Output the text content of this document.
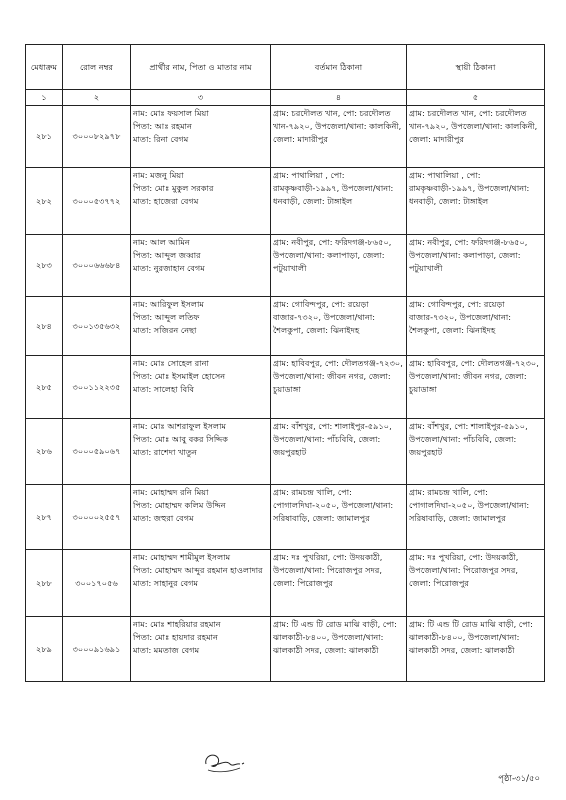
মেধাক্রম	রোল নম্বর	প্রার্থীর নাম, পিতা ও মাতার নাম	বর্তমান ঠিকানা	স্থায়ী ঠিকানা
১	২	৩	৪	৫
২৮১	৩০০০৮২৯৭৮	নাম: মোঃ ফয়সাল মিয়া
পিতা: আঃ রহমান
মাতা: রিনা বেগম	গ্রাম: চরদৌলত খান, পো: চরদৌলত খান-৭৯২০, উপজেলা/থানা: কালকিনী, জেলা: মাদারীপুর	গ্রাম: চরদৌলত খান, পো: চরদৌলত খান-৭৯২০, উপজেলা/থানা: কালকিনী, জেলা: মাদারীপুর

২৮২	৩০০০৫৩৭৭২	নাম: মজনু মিয়া
পিতা: মোঃ মুকুল সরকার
মাতা: হাজেরা বেগম	গ্রাম: পাথালিয়া , পো: রামকৃষ্ণবাড়ী-১৯৯৭, উপজেলা/থানা: ধনবাড়ী, জেলা: টাঙ্গাইল	গ্রাম: পাথালিয়া , পো: রামকৃষ্ণবাড়ী-১৯৯৭, উপজেলা/থানা: ধনবাড়ী, জেলা: টাঙ্গাইল

২৮৩	৩০০০৬৬৬৮৪	নাম: আল আমিন
পিতা: আব্দুল জব্বার
মাতা: নুরজাহান বেগম	গ্রাম: নবীপুর, পো: ফরিদগঞ্জ-৮৬৫০, উপজেলা/থানা: কলাপাড়া, জেলা: পটুয়াখালী	গ্রাম: নবীপুর, পো: ফরিদগঞ্জ-৮৬৫০, উপজেলা/থানা: কলাপাড়া, জেলা: পটুয়াখালী

২৮৪	৩০০১৩৫৬৩২	নাম: আরিফুল ইসলাম
পিতা: আব্দুল লতিফ
মাতা: সজিরন নেছা	গ্রাম: গোবিন্দপুর, পো: রয়েড়া বাজার-৭৩২০, উপজেলা/থানা: শৈলকুপা, জেলা: ঝিনাইদহ	গ্রাম: গোবিন্দপুর, পো: রয়েড়া বাজার-৭৩২০, উপজেলা/থানা: শৈলকুপা, জেলা: ঝিনাইদহ

২৮৫	৩০০১১২২৩৫	নাম: মোঃ সোহেল রানা
পিতা: মোঃ ইসমাইল হোসেন
মাতা: সালেহা বিবি	গ্রাম: হাবিবপুর, পো: দৌলতগঞ্জ-৭২৩০, উপজেলা/থানা: জীবন নগর, জেলা: চুয়াডাঙ্গা	গ্রাম: হাবিবপুর, পো: দৌলতগঞ্জ-৭২৩০, উপজেলা/থানা: জীবন নগর, জেলা: চুয়াডাঙ্গা

২৮৬	৩০০০৫৯০৬৭	নাম: মোঃ আশরাফুল ইসলাম
পিতা: মোঃ আবু বকর সিদ্দিক
মাতা: রাশেদা খাতুন	গ্রাম: বাঁশখুর, পো: শালাইপুর-৫৯১০, উপজেলা/থানা: পাঁচবিবি, জেলা: জয়পুরহাট	গ্রাম: বাঁশখুর, পো: শালাইপুর-৫৯১০, উপজেলা/থানা: পাঁচবিবি, জেলা: জয়পুরহাট

২৮৭	৩০০০০২৫৫৭	নাম: মোহাম্মদ রনি মিয়া
পিতা: মোহাম্মদ কলিম উদ্দিন
মাতা: জহুরা বেগম	গ্রাম: রামচন্দ্র খালি, পো: পোগালদিঘা-২০৫০, উপজেলা/থানা: সরিষাবাড়ি, জেলা: জামালপুর	গ্রাম: রামচন্দ্র খালি, পো: পোগালদিঘা-২০৫০, উপজেলা/থানা: সরিষাবাড়ি, জেলা: জামালপুর

২৮৮	৩০০১৭০৫৬	নাম: মোহাম্মদ শামীমুল ইসলাম
পিতা: মোহাম্মদ আব্দুর রহমান হাওলাদার
মাতা: সাহানুর বেগম	গ্রাম: দঃ পুখরিয়া, পো: উদয়কাঠী, উপজেলা/থানা: পিরোজপুর সদর, জেলা: পিরোজপুর	গ্রাম: দঃ পুখরিয়া, পো: উদয়কাঠী, উপজেলা/থানা: পিরোজপুর সদর, জেলা: পিরোজপুর

২৮৯	৩০০০৯১৬৯১	নাম: মোঃ শাহরিয়ার রহমান
পিতা: মোঃ হায়দার রহমান
মাতা: মমতাজ বেগম	গ্রাম: টি এন্ড টি রোড মাঝি বাড়ী, পো: ঝালকাঠী-৮৪০০, উপজেলা/থানা: ঝালকাঠী সদর, জেলা: ঝালকাঠী	গ্রাম: টি এন্ড টি রোড মাঝি বাড়ী, পো: ঝালকাঠী-৮৪০০, উপজেলা/থানা: ঝালকাঠী সদর, জেলা: ঝালকাঠী
পৃষ্ঠা-৩১/৫০
